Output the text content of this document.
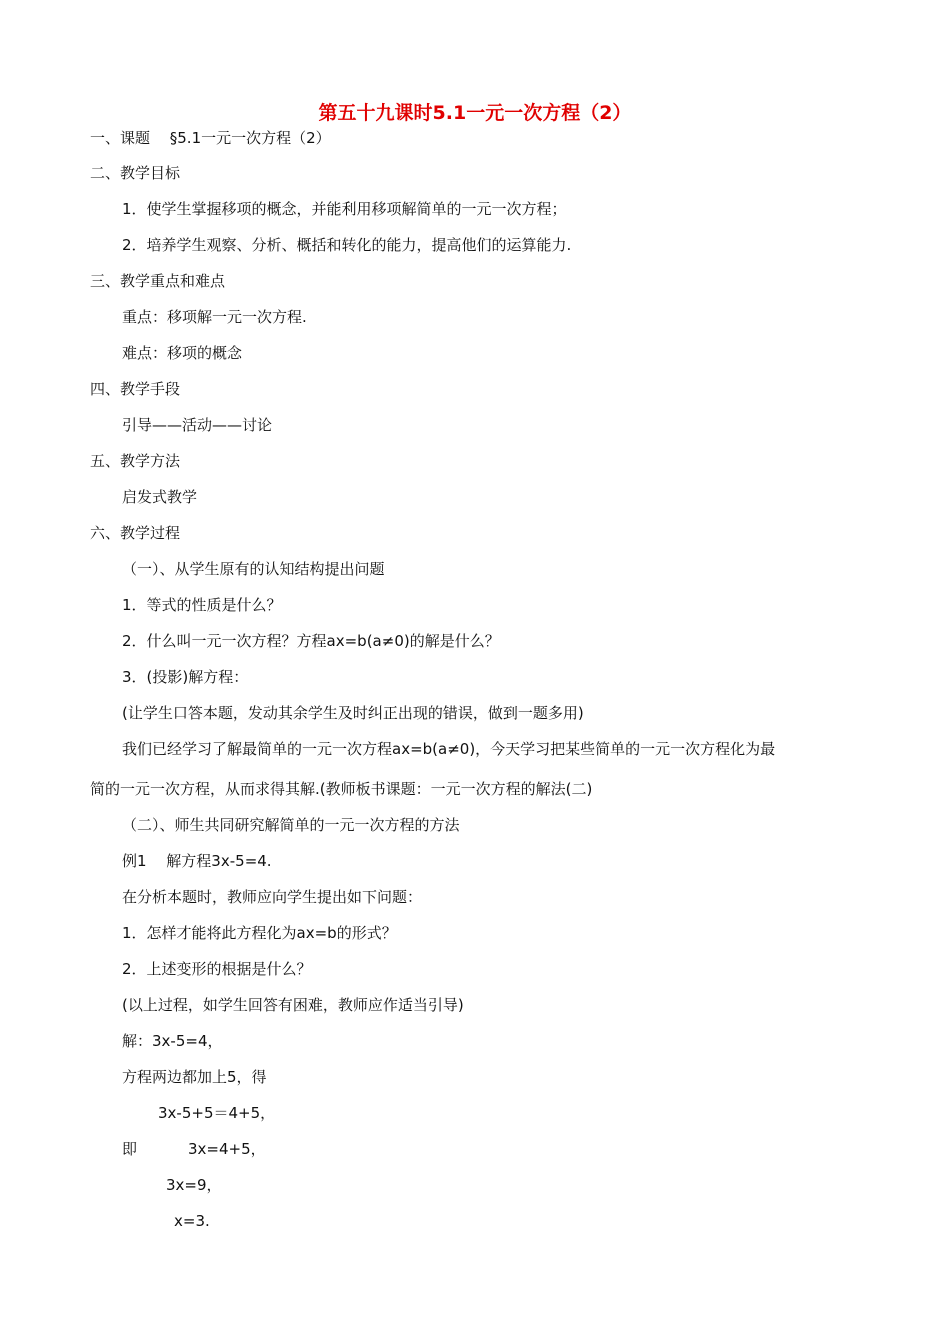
第五十九课时5.1一元一次方程（2）
一、课题　 §5.1一元一次方程（2）
二、教学目标
1．使学生掌握移项的概念，并能利用移项解简单的一元一次方程；
2．培养学生观察、分析、概括和转化的能力，提高他们的运算能力.
三、教学重点和难点
重点：移项解一元一次方程.
难点：移项的概念
四、教学手段
引导——活动——讨论
五、教学方法
启发式教学
六、教学过程
（一）、从学生原有的认知结构提出问题
1．等式的性质是什么？
2．什么叫一元一次方程？方程ax=b(a≠0)的解是什么？
3．(投影)解方程：
(让学生口答本题，发动其余学生及时纠正出现的错误，做到一题多用)
我们已经学习了解最简单的一元一次方程ax=b(a≠0)，今天学习把某些简单的一元一次方程化为最
简的一元一次方程，从而求得其解.(教师板书课题：一元一次方程的解法(二)
（二）、师生共同研究解简单的一元一次方程的方法
例1　 解方程3x-5=4.
在分析本题时，教师应向学生提出如下问题：
1．怎样才能将此方程化为ax=b的形式？
2．上述变形的根据是什么？
(以上过程，如学生回答有困难，教师应作适当引导)
解：3x-5=4，
方程两边都加上5，得
3x-5+5＝4+5，
即	3x=4+5，
3x=9，
x=3.
